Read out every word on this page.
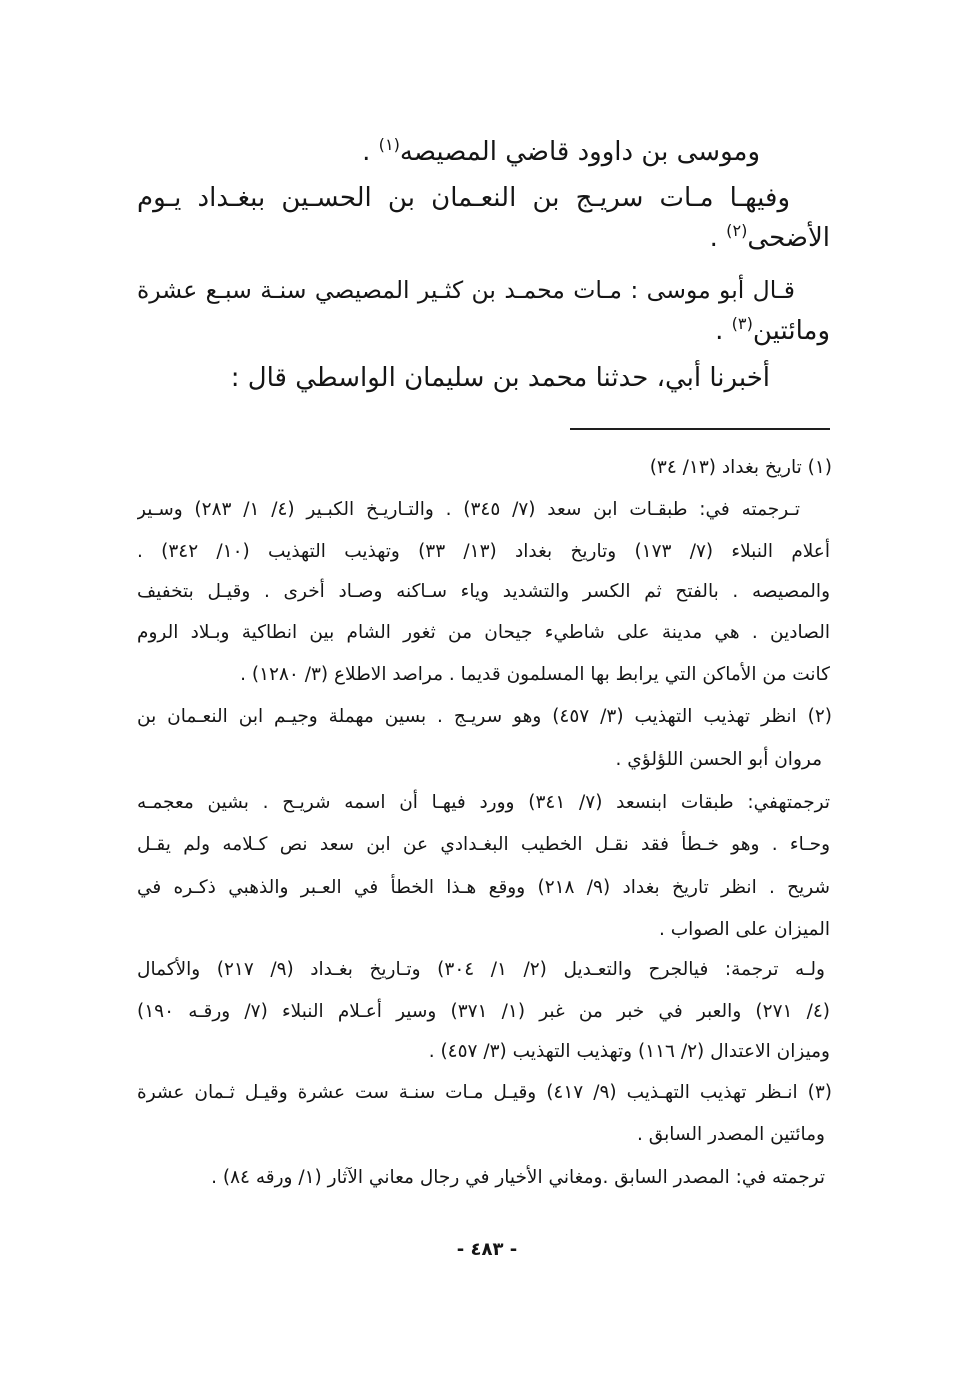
وموسى بن داوود قاضي المصيصه$^{(١)}$ .
وفيهـا مـات سريـج بن النعـمان بن الحسـين ببغـداد يـوم
الأضحى$^{(٢)}$ .
قـال أبو موسى : مـات محمـد بن كثـير المصيصي سنـة سبـع عشرة
ومائتين$^{(٣)}$ .
أخبرنا أبي، حدثنا محمد بن سليمان الواسطي قال :
(١) تاريخ بغداد (١٣/ ٣٤)
تـرجمته في: طبقـات ابن سعد (٧/ ٣٤٥) . والتـاريـخ الكبـير (٤/ ١/ ٢٨٣) وسـير
أعلام النبلاء (٧/ ١٧٣) وتاريخ بغداد (١٣/ ٣٣) وتهذيب التهذيب (١٠/ ٣٤٢) .
والمصيصه . بالفتح ثم الكسر والتشديد وياء سـاكنه وصـاد أخرى . وقيـل بتخفيف
الصادين . هي مدينة على شاطيء جيحان من ثغور الشام بين انطاكية وبـلاد الروم
كانت من الأماكن التي يرابط بها المسلمون قديما . مراصد الاطلاع (٣/ ١٢٨٠) .
(٢) انظر تهذيب التهذيب (٣/ ٤٥٧) وهو سريـج . بسين مهملة وجيـم ابن النعـمان بن
مروان أبو الحسن اللؤلؤي .
ترجمتهفي: طبقات ابنسعد (٧/ ٣٤١) وورد فيهـا أن اسمه شريـح . بشين معجمـه
وحـاء . وهو خـطأ فقد نقـل الخطيب البغـدادي عن ابن سعد نص كـلامه ولم يقـل
شريح . انظر تاريخ بغداد (٩/ ٢١٨) ووقع هـذا الخطأ في العـبر والذهبي ذكـره في
الميزان على الصواب .
ولـه ترجمة: فيالجرح والتعـديل (٢/ ١/ ٣٠٤) وتـاريخ بغـداد (٩/ ٢١٧) والأكمال
(٤/ ٢٧١) والعبر في خبر من غبر (١/ ٣٧١) وسير أعـلام النبلاء (٧/ ورقـه ١٩٠)
وميزان الاعتدال (٢/ ١١٦) وتهذيب التهذيب (٣/ ٤٥٧) .
(٣) انـظر تهذيب التهـذيب (٩/ ٤١٧) وقيـل مـات سنـة ست عشرة وقيـل ثـمان عشرة
ومائتين المصدر السابق .
ترجمته في: المصدر السابق .ومغاني الأخيار في رجال معاني الآثار (١/ ورقه ٨٤) .
- ٤٨٣ -
